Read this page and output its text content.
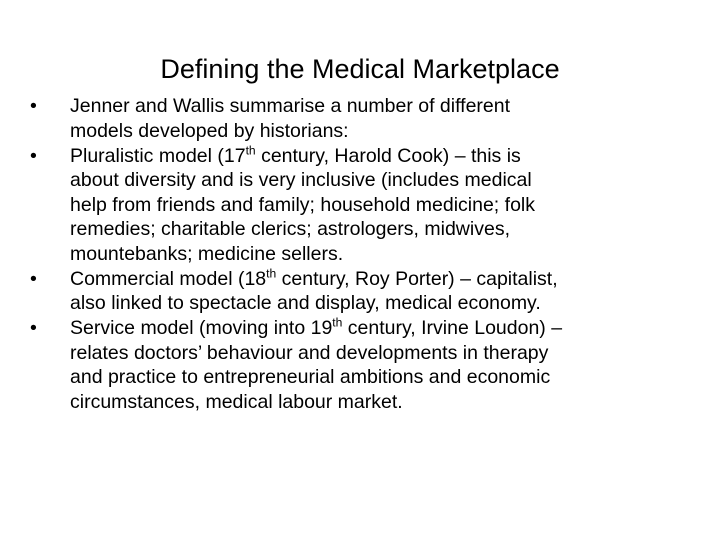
Defining the Medical Marketplace
•	Jenner and Wallis summarise a number of different
models developed by historians:
•	Pluralistic model (17th century, Harold Cook) – this is
about diversity and is very inclusive (includes medical
help from friends and family; household medicine; folk
remedies; charitable clerics; astrologers, midwives,
mountebanks; medicine sellers.
•	Commercial model (18th century, Roy Porter) – capitalist,
also linked to spectacle and display, medical economy.
•	Service model (moving into 19th century, Irvine Loudon) –
relates doctors’ behaviour and developments in therapy
and practice to entrepreneurial ambitions and economic
circumstances, medical labour market.
